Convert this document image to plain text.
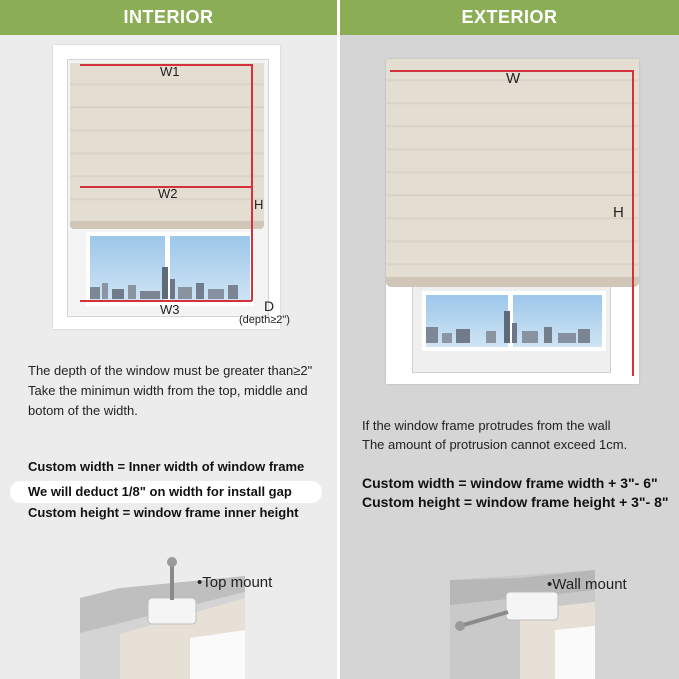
INTERIOR
W1
W2
W3
H
D
(depth≥2")
The depth of the window must be greater than≥2"
Take the minimun width from the top, middle and
botom of the width.
Custom width = Inner width of window frame
We will deduct 1/8" on width for install gap
Custom height = window frame inner height
•Top mount
EXTERIOR
W
H
If the window frame protrudes from the wall
The amount of protrusion cannot exceed 1cm.
Custom width = window frame width + 3"- 6"
Custom height = window frame height + 3"- 8"
•Wall mount
